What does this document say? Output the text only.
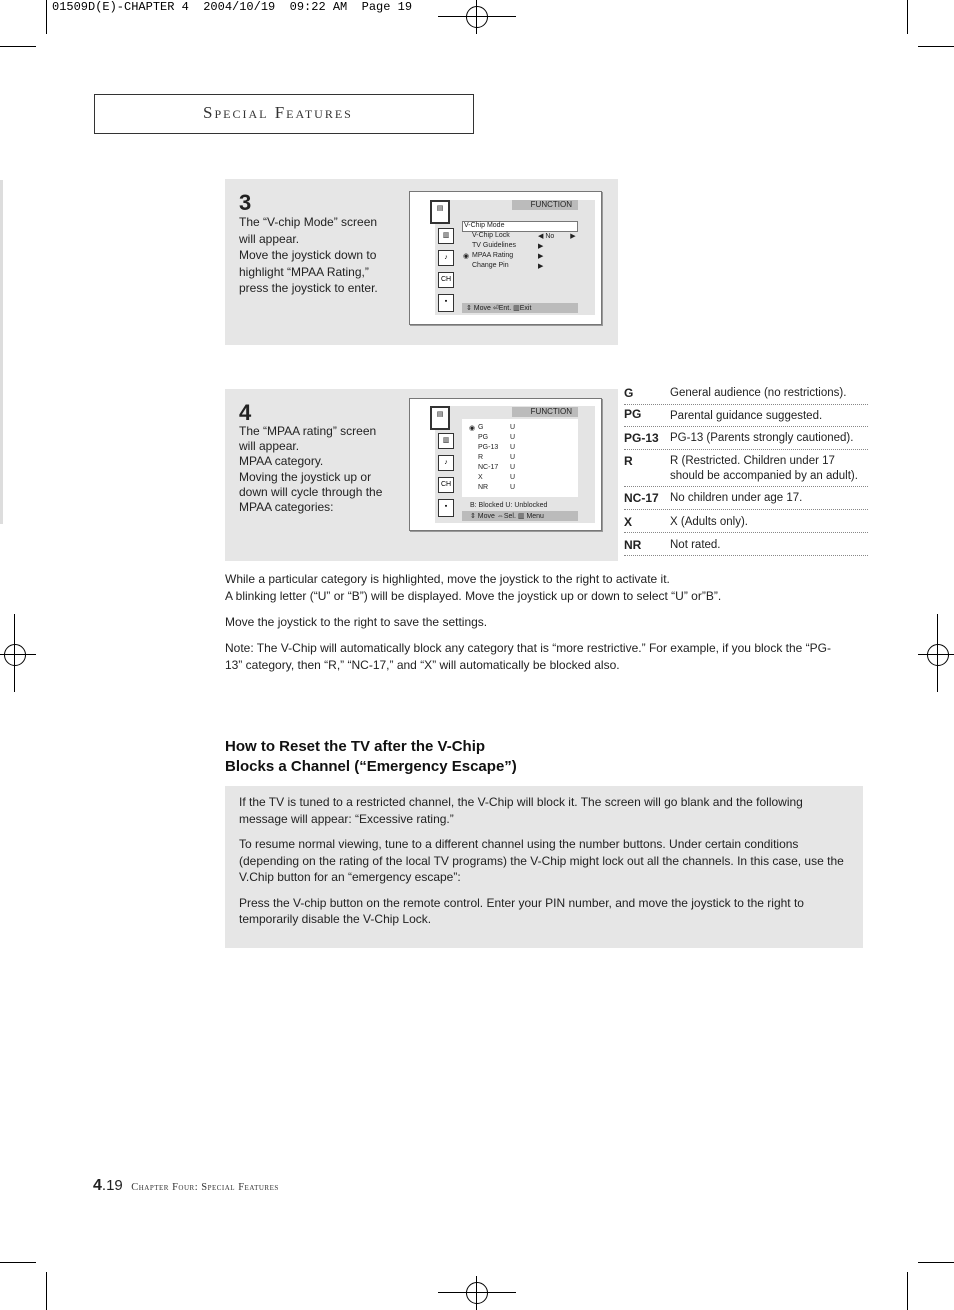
01509D(E)-CHAPTER 4  2004/10/19  09:22 AM  Page 19
Special Features
3
The “V-chip Mode” screen
will appear.
Move the joystick down to
highlight “MPAA Rating,”
press the joystick to enter.
FUNCTION
▤
▥
♪
CH
▪
V-Chip Mode
V-Chip Lock	◀ No ▶
TV Guidelines	▶
◉ MPAA Rating	▶
Change Pin	▶
⇕ Move ⏎Ent. ▥Exit
4
The “MPAA rating” screen
will appear.
MPAA category.
Moving the joystick up or
down will cycle through the
MPAA categories:
FUNCTION
▤
▥
♪
CH
▪
◉ G	U
PG	U
PG-13 U
R	U
NC-17 U
X	U
NR	U
B: Blocked U: Unblocked
⇕ Move ⇔Sel. ▥ Menu
G	General audience (no restrictions).
PG Parental guidance suggested.
PG-13 PG-13 (Parents strongly cautioned).
R	R (Restricted. Children under 17 should be accompanied by an adult).
NC-17 No children under age 17.
X	X (Adults only).
NR Not rated.
While a particular category is highlighted, move the joystick to the right to activate it.
A blinking letter (“U” or “B”) will be displayed. Move the joystick up or down to select “U” or”B”.
Move the joystick to the right to save the settings.
Note: The V-Chip will automatically block any category that is “more restrictive.” For example, if you block the “PG-13” category, then “R,” “NC-17,” and “X” will automatically be blocked also.
How to Reset the TV after the V-Chip
Blocks a Channel (“Emergency Escape”)

If the TV is tuned to a restricted channel, the V-Chip will block it. The screen will go blank and the following message will appear: “Excessive rating.”

To resume normal viewing, tune to a different channel using the number buttons. Under certain conditions (depending on the rating of the local TV programs) the V-Chip might lock out all the channels. In this case, use the V.Chip button for an “emergency escape”:

Press the V-chip button on the remote control. Enter your PIN number, and move the joystick to the right to temporarily disable the V-Chip Lock.

4.19 Chapter Four: Special Features
